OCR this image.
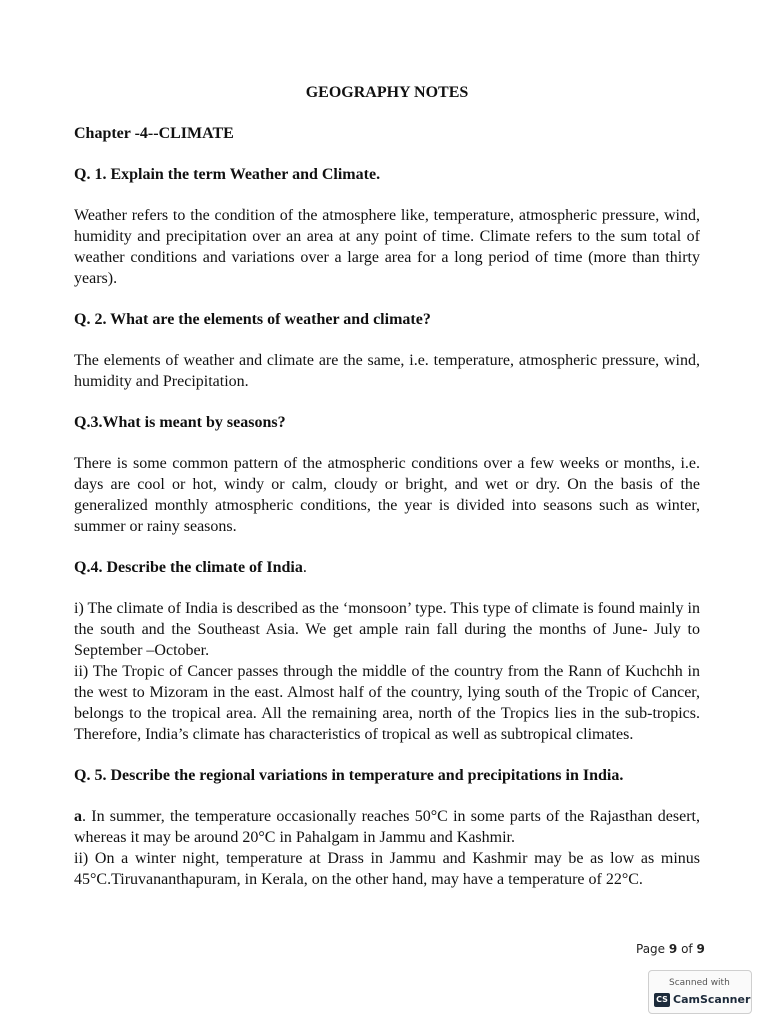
GEOGRAPHY NOTES
Chapter -4--CLIMATE
Q. 1. Explain the term Weather and Climate.
Weather refers to the condition of the atmosphere like, temperature, atmospheric pressure, wind, humidity and precipitation over an area at any point of time. Climate refers to the sum total of weather conditions and variations over a large area for a long period of time (more than thirty years).
Q. 2. What are the elements of weather and climate?
The elements of weather and climate are the same, i.e. temperature, atmospheric pressure, wind, humidity and Precipitation.
Q.3.What is meant by seasons?
There is some common pattern of the atmospheric conditions over a few weeks or months, i.e. days are cool or hot, windy or calm, cloudy or bright, and wet or dry. On the basis of the generalized monthly atmospheric conditions, the year is divided into seasons such as winter, summer or rainy seasons.
Q.4. Describe the climate of India.
i) The climate of India is described as the ‘monsoon’ type. This type of climate is found mainly in the south and the Southeast Asia. We get ample rain fall during the months of June- July to September –October.
ii) The Tropic of Cancer passes through the middle of the country from the Rann of Kuchchh in the west to Mizoram in the east. Almost half of the country, lying south of the Tropic of Cancer, belongs to the tropical area. All the remaining area, north of the Tropics lies in the sub-tropics. Therefore, India’s climate has characteristics of tropical as well as subtropical climates.
Q. 5. Describe the regional variations in temperature and precipitations in India.
a. In summer, the temperature occasionally reaches 50°C in some parts of the Rajasthan desert, whereas it may be around 20°C in Pahalgam in Jammu and Kashmir.
ii) On a winter night, temperature at Drass in Jammu and Kashmir may be as low as minus 45°C.Tiruvananthapuram, in Kerala, on the other hand, may have a temperature of 22°C.
Page 9 of 9
Scanned with
CS CamScanner
